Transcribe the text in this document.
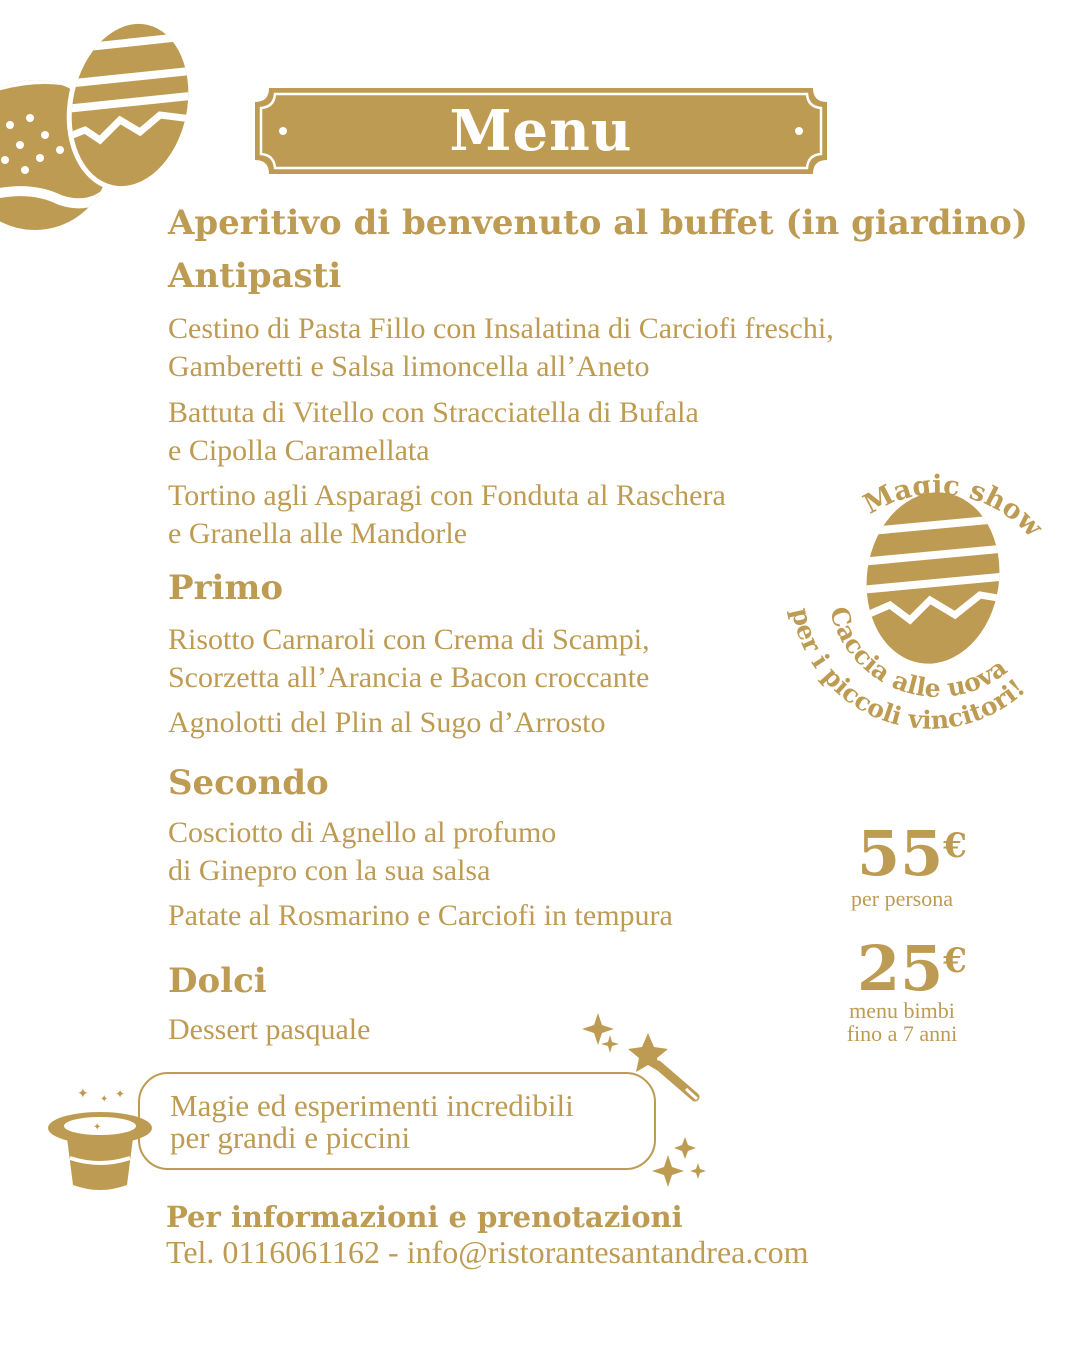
Menu
Aperitivo di benvenuto al buffet (in giardino)
Antipasti
Cestino di Pasta Fillo con Insalatina di Carciofi freschi,
Gamberetti e Salsa limoncella all’Aneto
Battuta di Vitello con Stracciatella di Bufala
e Cipolla Caramellata
Tortino agli Asparagi con Fonduta al Raschera
e Granella alle Mandorle
Primo
Risotto Carnaroli con Crema di Scampi,
Scorzetta all’Arancia e Bacon croccante
Agnolotti del Plin al Sugo d’Arrosto
Secondo
Cosciotto di Agnello al profumo
di Ginepro con la sua salsa
Patate al Rosmarino e Carciofi in tempura
Dolci
Dessert pasquale
Magic show
Caccia alle uova
per i piccoli vincitori!
55€
per persona
25€
menu bimbi
fino a 7 anni
✦ ✦ ✦
✦
Magie ed esperimenti incredibili
per grandi e piccini
Per informazioni e prenotazioni
Tel. 0116061162 - info@ristorantesantandrea.com
